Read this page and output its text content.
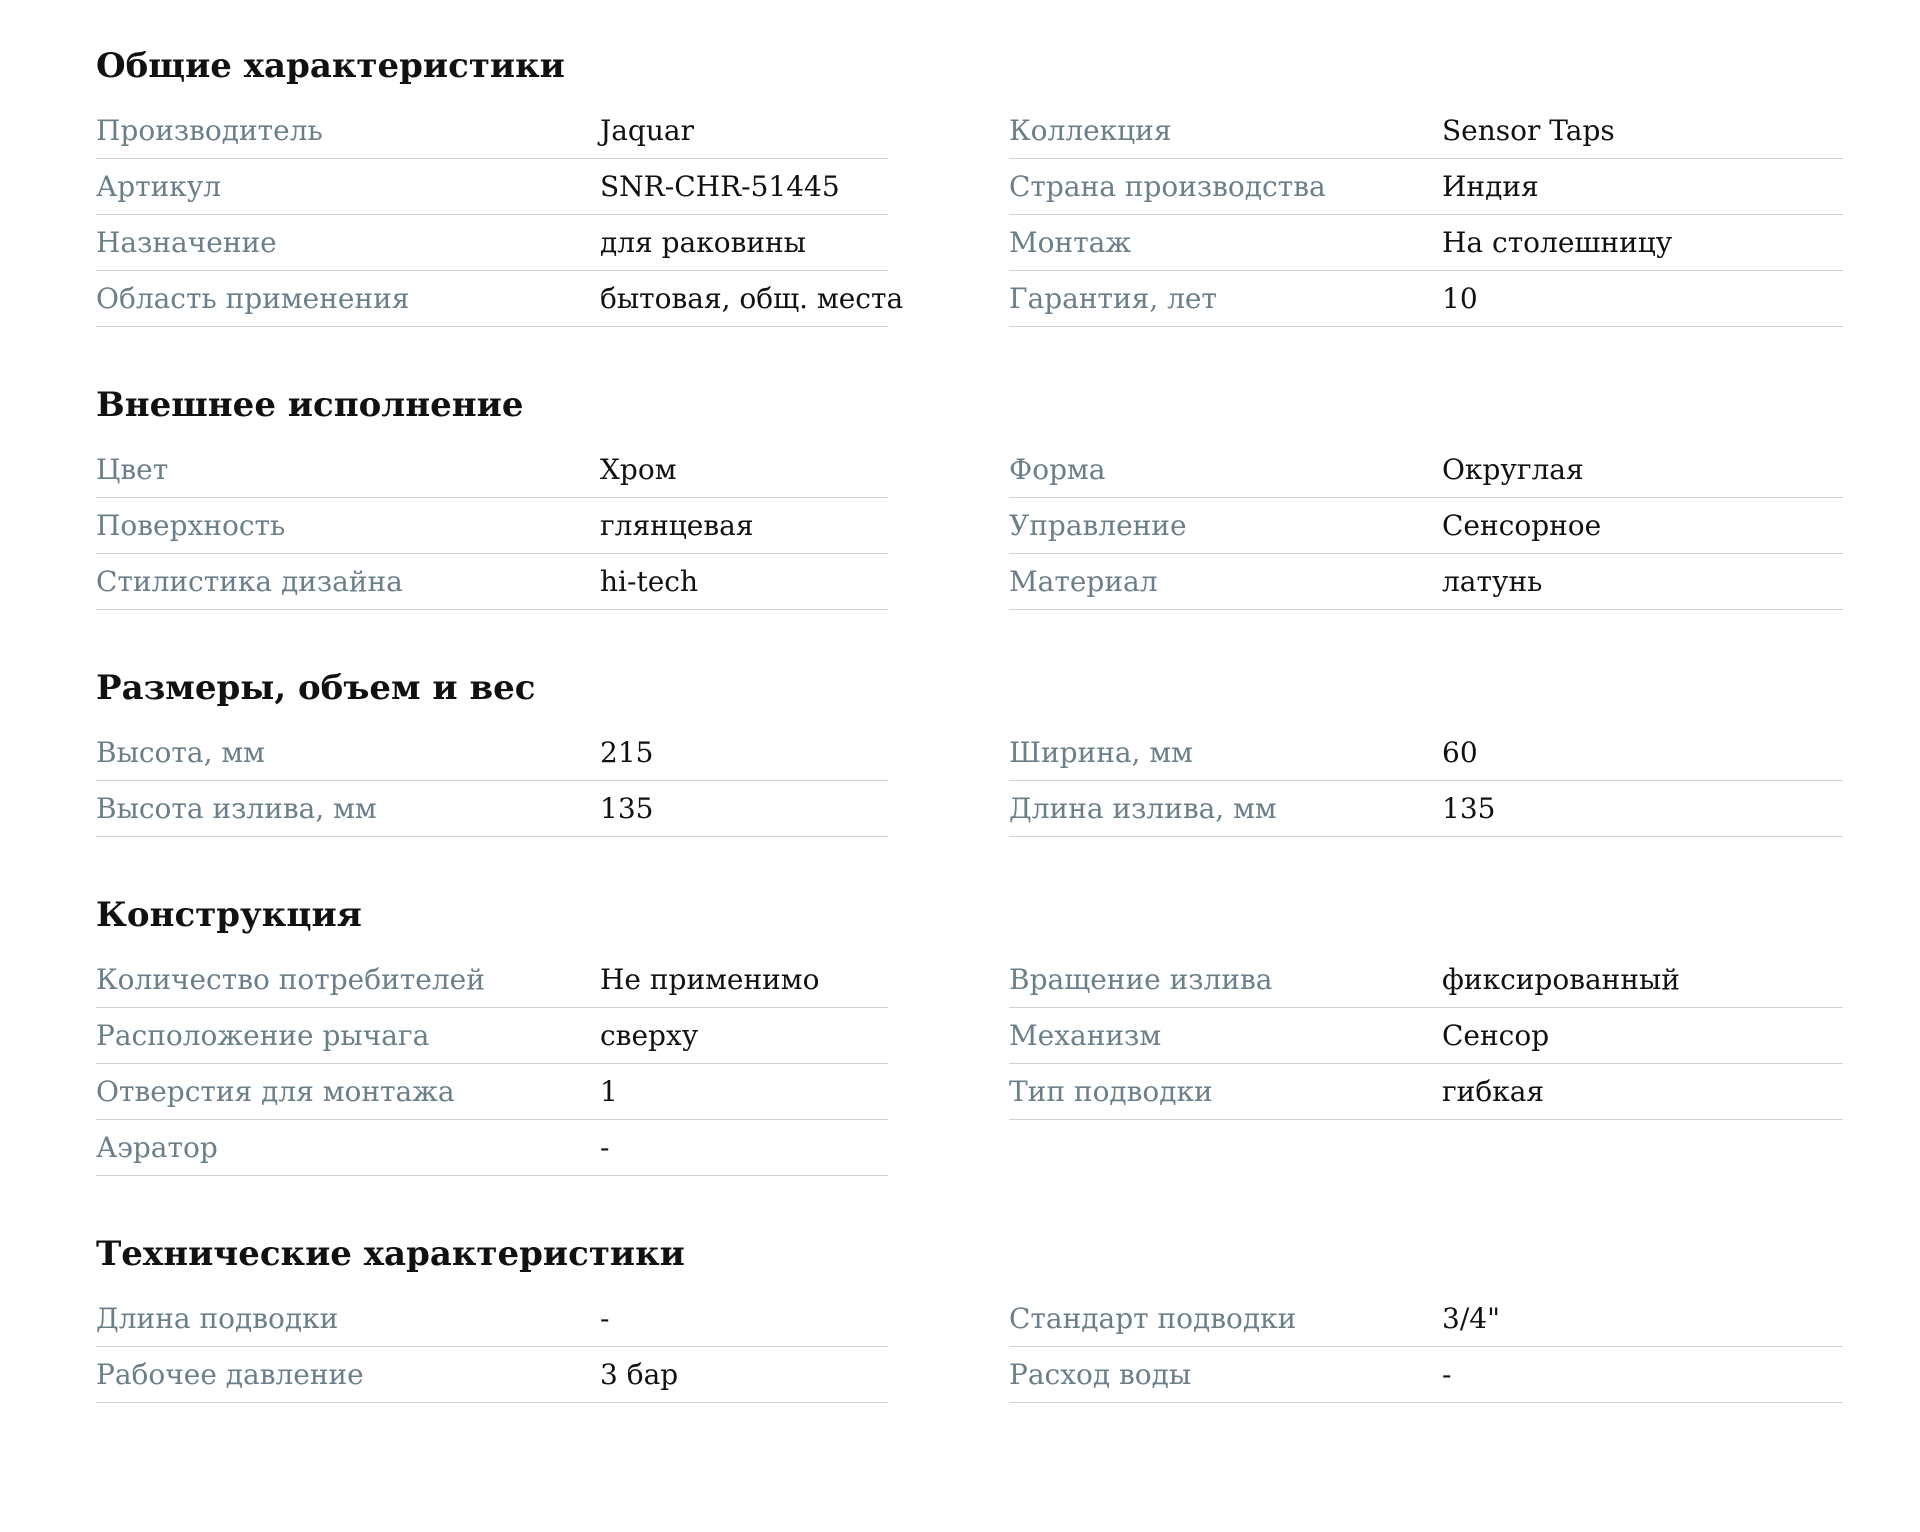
Общие характеристики
Производитель	Jaquar
Артикул	SNR-CHR-51445
Назначение	для раковины
Область применения	бытовая, общ. места
Коллекция	Sensor Taps
Страна производства	Индия
Монтаж	На столешницу
Гарантия, лет	10
Внешнее исполнение
Цвет	Хром
Поверхность	глянцевая
Стилистика дизайна	hi-tech
Форма	Округлая
Управление	Сенсорное
Материал	латунь
Размеры, объем и вес
Высота, мм	215
Высота излива, мм	135
Ширина, мм	60
Длина излива, мм	135
Конструкция
Количество потребителей	Не применимо
Расположение рычага	сверху
Отверстия для монтажа	1
Аэратор	-
Вращение излива	фиксированный
Механизм	Сенсор
Тип подводки	гибкая
Технические характеристики
Длина подводки	-
Рабочее давление	3 бар
Стандарт подводки	3/4"
Расход воды	-
